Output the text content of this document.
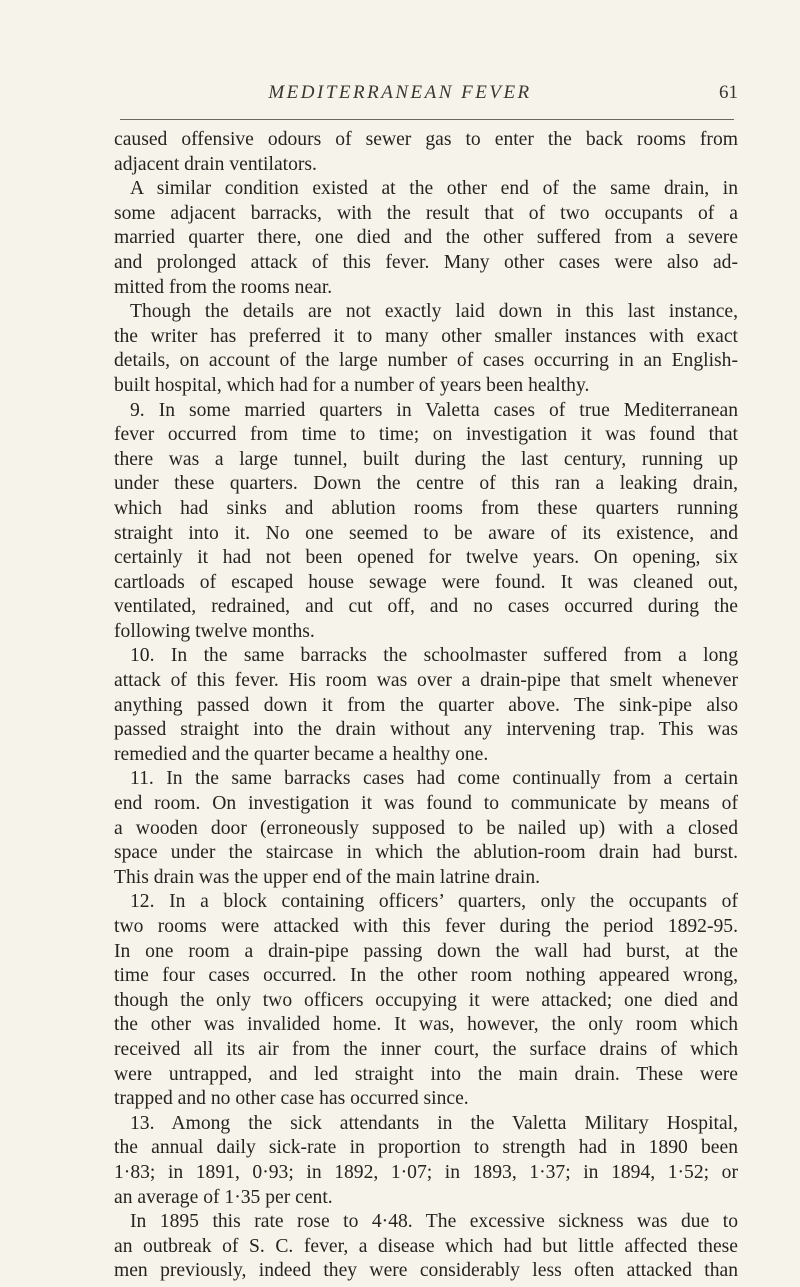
MEDITERRANEAN FEVER	61
caused offensive odours of sewer gas to enter the back rooms from
adjacent drain ventilators.
A similar condition existed at the other end of the same drain, in
some adjacent barracks, with the result that of two occupants of a
married quarter there, one died and the other suffered from a severe
and prolonged attack of this fever. Many other cases were also ad-
mitted from the rooms near.
Though the details are not exactly laid down in this last instance,
the writer has preferred it to many other smaller instances with exact
details, on account of the large number of cases occurring in an English-
built hospital, which had for a number of years been healthy.
9. In some married quarters in Valetta cases of true Mediterranean
fever occurred from time to time; on investigation it was found that
there was a large tunnel, built during the last century, running up
under these quarters. Down the centre of this ran a leaking drain,
which had sinks and ablution rooms from these quarters running
straight into it. No one seemed to be aware of its existence, and
certainly it had not been opened for twelve years. On opening, six
cartloads of escaped house sewage were found. It was cleaned out,
ventilated, redrained, and cut off, and no cases occurred during the
following twelve months.
10. In the same barracks the schoolmaster suffered from a long
attack of this fever. His room was over a drain-pipe that smelt whenever
anything passed down it from the quarter above. The sink-pipe also
passed straight into the drain without any intervening trap. This was
remedied and the quarter became a healthy one.
11. In the same barracks cases had come continually from a certain
end room. On investigation it was found to communicate by means of
a wooden door (erroneously supposed to be nailed up) with a closed
space under the staircase in which the ablution-room drain had burst.
This drain was the upper end of the main latrine drain.
12. In a block containing officers’ quarters, only the occupants of
two rooms were attacked with this fever during the period 1892-95.
In one room a drain-pipe passing down the wall had burst, at the
time four cases occurred. In the other room nothing appeared wrong,
though the only two officers occupying it were attacked; one died and
the other was invalided home. It was, however, the only room which
received all its air from the inner court, the surface drains of which
were untrapped, and led straight into the main drain. These were
trapped and no other case has occurred since.
13. Among the sick attendants in the Valetta Military Hospital,
the annual daily sick-rate in proportion to strength had in 1890 been
1·83; in 1891, 0·93; in 1892, 1·07; in 1893, 1·37; in 1894, 1·52; or
an average of 1·35 per cent.
In 1895 this rate rose to 4·48. The excessive sickness was due to
an outbreak of S. C. fever, a disease which had but little affected these
men previously, indeed they were considerably less often attacked than
